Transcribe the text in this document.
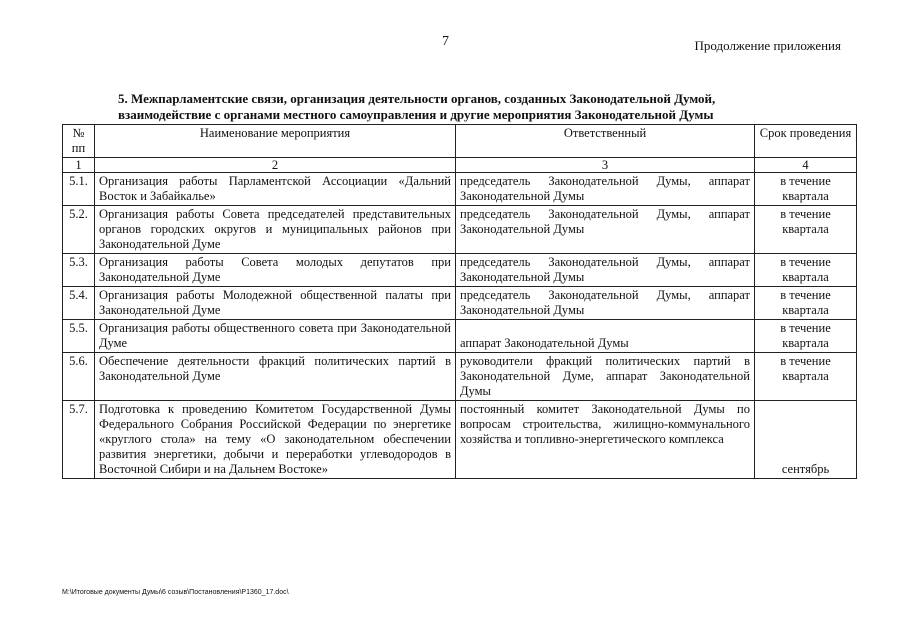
7	Продолжение приложения
5. Межпарламентские связи, организация деятельности органов, созданных Законодательной Думой, взаимодействие с органами местного самоуправления и другие мероприятия Законодательной Думы
№ пп	Наименование мероприятия	Ответственный	Срок проведения
1	2	3	4
5.1.	Организация работы Парламентской Ассоциации «Дальний Восток и Забайкалье»	председатель Законодательной Думы, аппарат Законодательной Думы	в течение квартала
5.2.	Организация работы Совета председателей представительных органов городских округов и муниципальных районов при Законодательной Думе	председатель Законодательной Думы, аппарат Законодательной Думы	в течение квартала
5.3.	Организация работы Совета молодых депутатов при Законодательной Думе	председатель Законодательной Думы, аппарат Законодательной Думы	в течение квартала
5.4.	Организация работы Молодежной общественной палаты при Законодательной Думе	председатель Законодательной Думы, аппарат Законодательной Думы	в течение квартала
5.5.	Организация работы общественного совета при Законодательной Думе	аппарат Законодательной Думы	в течение квартала
5.6.	Обеспечение деятельности фракций политических партий в Законодательной Думе	руководители фракций политических партий в Законодательной Думе, аппарат Законодательной Думы	в течение квартала
5.7.	Подготовка к проведению Комитетом Государственной Думы Федерального Собрания Российской Федерации по энергетике «круглого стола» на тему «О законодательном обеспечении развития энергетики, добычи и переработки углеводородов в Восточной Сибири и на Дальнем Востоке»	постоянный комитет Законодательной Думы по вопросам строительства, жилищно-коммунального хозяйства и топливно-энергетического комплекса	сентябрь
М:\Итоговые документы Думы\6 созыв\Постановления\Р1360_17.doc\
